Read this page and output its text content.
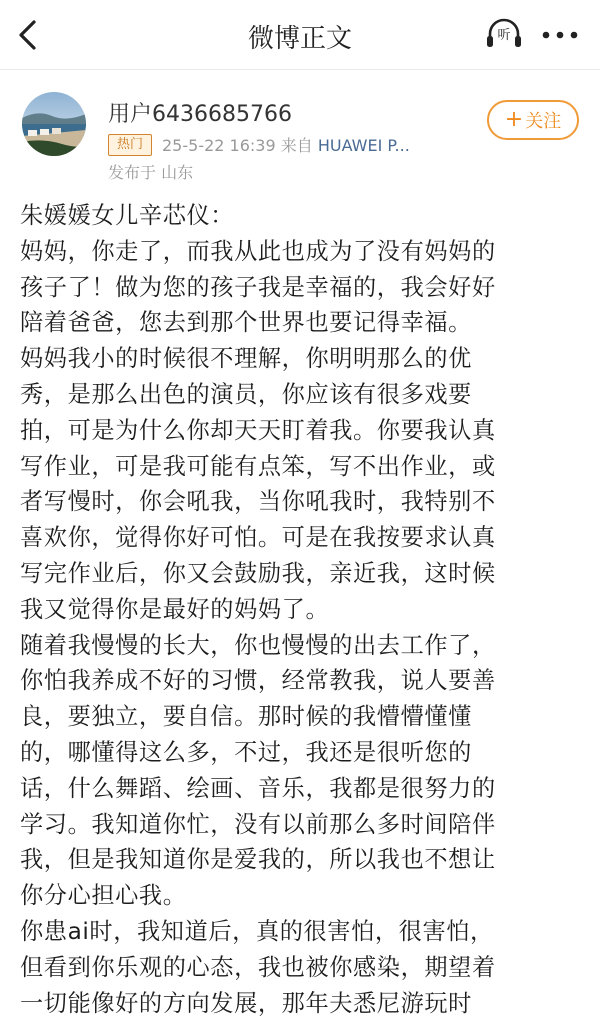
微博正文	听
用户6436685766
热门	25-5-22 16:39 来自 HUAWEI P...
发布于 山东
+ 关注
朱媛媛女儿辛芯仪：
妈妈，你走了，而我从此也成为了没有妈妈的
孩子了！做为您的孩子我是幸福的，我会好好
陪着爸爸，您去到那个世界也要记得幸福。
妈妈我小的时候很不理解，你明明那么的优
秀，是那么出色的演员，你应该有很多戏要
拍，可是为什么你却天天盯着我。你要我认真
写作业，可是我可能有点笨，写不出作业，或
者写慢时，你会吼我，当你吼我时，我特别不
喜欢你，觉得你好可怕。可是在我按要求认真
写完作业后，你又会鼓励我，亲近我，这时候
我又觉得你是最好的妈妈了。
随着我慢慢的长大，你也慢慢的出去工作了，
你怕我养成不好的习惯，经常教我，说人要善
良，要独立，要自信。那时候的我懵懵懂懂
的，哪懂得这么多，不过，我还是很听您的
话，什么舞蹈、绘画、音乐，我都是很努力的
学习。我知道你忙，没有以前那么多时间陪伴
我，但是我知道你是爱我的，所以我也不想让
你分心担心我。
你患ai时，我知道后，真的很害怕，很害怕，
但看到你乐观的心态，我也被你感染，期望着
一切能像好的方向发展，那年夫悉尼游玩时
